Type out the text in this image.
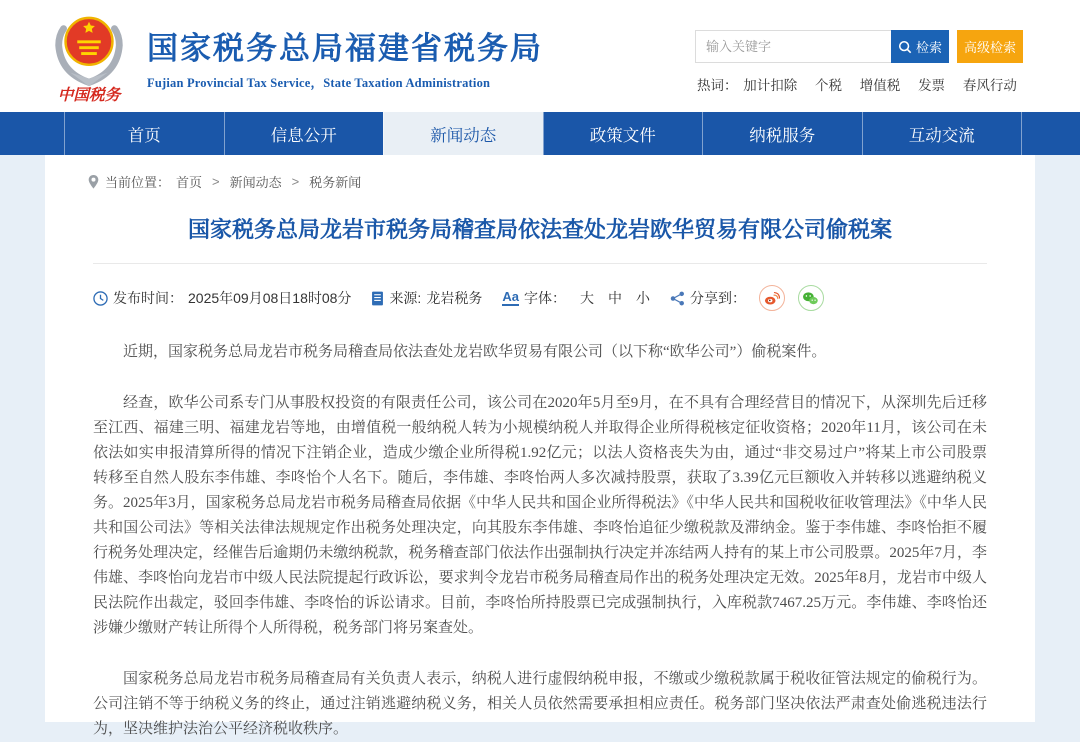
中国税务
国家税务总局福建省税务局
Fujian Provincial Tax Service，State Taxation Administration
输入关键字
检索	高级检索
热词： 加计扣除 个税 增值税 发票 春风行动
首页	信息公开	新闻动态	政策文件	纳税服务	互动交流
当前位置： 首页 > 新闻动态 > 税务新闻
国家税务总局龙岩市税务局稽查局依法查处龙岩欧华贸易有限公司偷税案
发布时间： 2025年09月08日18时08分	来源: 龙岩税务 Aa 字体： 大 中 小	分享到：

近期，国家税务总局龙岩市税务局稽查局依法查处龙岩欧华贸易有限公司（以下称“欧华公司”）偷税案件。

经查，欧华公司系专门从事股权投资的有限责任公司，该公司在2020年5月至9月，在不具有合理经营目的情况下，从深圳先后迁移至江西、福建三明、福建龙岩等地，由增值税一般纳税人转为小规模纳税人并取得企业所得税核定征收资格；2020年11月，该公司在未依法如实申报清算所得的情况下注销企业，造成少缴企业所得税1.92亿元；以法人资格丧失为由，通过“非交易过户”将某上市公司股票转移至自然人股东李伟雄、李咚怡个人名下。随后，李伟雄、李咚怡两人多次减持股票，获取了3.39亿元巨额收入并转移以逃避纳税义务。2025年3月，国家税务总局龙岩市税务局稽查局依据《中华人民共和国企业所得税法》《中华人民共和国税收征收管理法》《中华人民共和国公司法》等相关法律法规规定作出税务处理决定，向其股东李伟雄、李咚怡追征少缴税款及滞纳金。鉴于李伟雄、李咚怡拒不履行税务处理决定，经催告后逾期仍未缴纳税款，税务稽查部门依法作出强制执行决定并冻结两人持有的某上市公司股票。2025年7月，李伟雄、李咚怡向龙岩市中级人民法院提起行政诉讼，要求判令龙岩市税务局稽查局作出的税务处理决定无效。2025年8月，龙岩市中级人民法院作出裁定，驳回李伟雄、李咚怡的诉讼请求。目前，李咚怡所持股票已完成强制执行，入库税款7467.25万元。李伟雄、李咚怡还涉嫌少缴财产转让所得个人所得税，税务部门将另案查处。

国家税务总局龙岩市税务局稽查局有关负责人表示，纳税人进行虚假纳税申报，不缴或少缴税款属于税收征管法规定的偷税行为。公司注销不等于纳税义务的终止，通过注销逃避纳税义务，相关人员依然需要承担相应责任。税务部门坚决依法严肃查处偷逃税违法行为，坚决维护法治公平经济税收秩序。
